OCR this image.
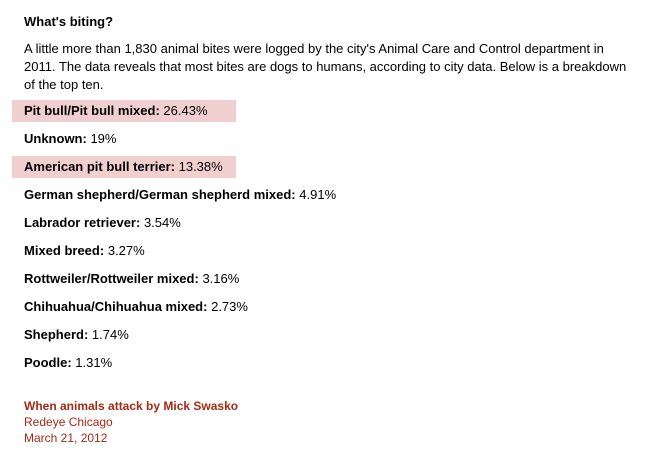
What's biting?

A little more than 1,830 animal bites were logged by the city's Animal Care and Control department in 2011. The data reveals that most bites are dogs to humans, according to city data. Below is a breakdown of the top ten.

Pit bull/Pit bull mixed: 26.43%
Unknown: 19%
American pit bull terrier: 13.38%
German shepherd/German shepherd mixed: 4.91%
Labrador retriever: 3.54%
Mixed breed: 3.27%
Rottweiler/Rottweiler mixed: 3.16%
Chihuahua/Chihuahua mixed: 2.73%
Shepherd: 1.74%
Poodle: 1.31%
When animals attack by Mick Swasko
Redeye Chicago
March 21, 2012
